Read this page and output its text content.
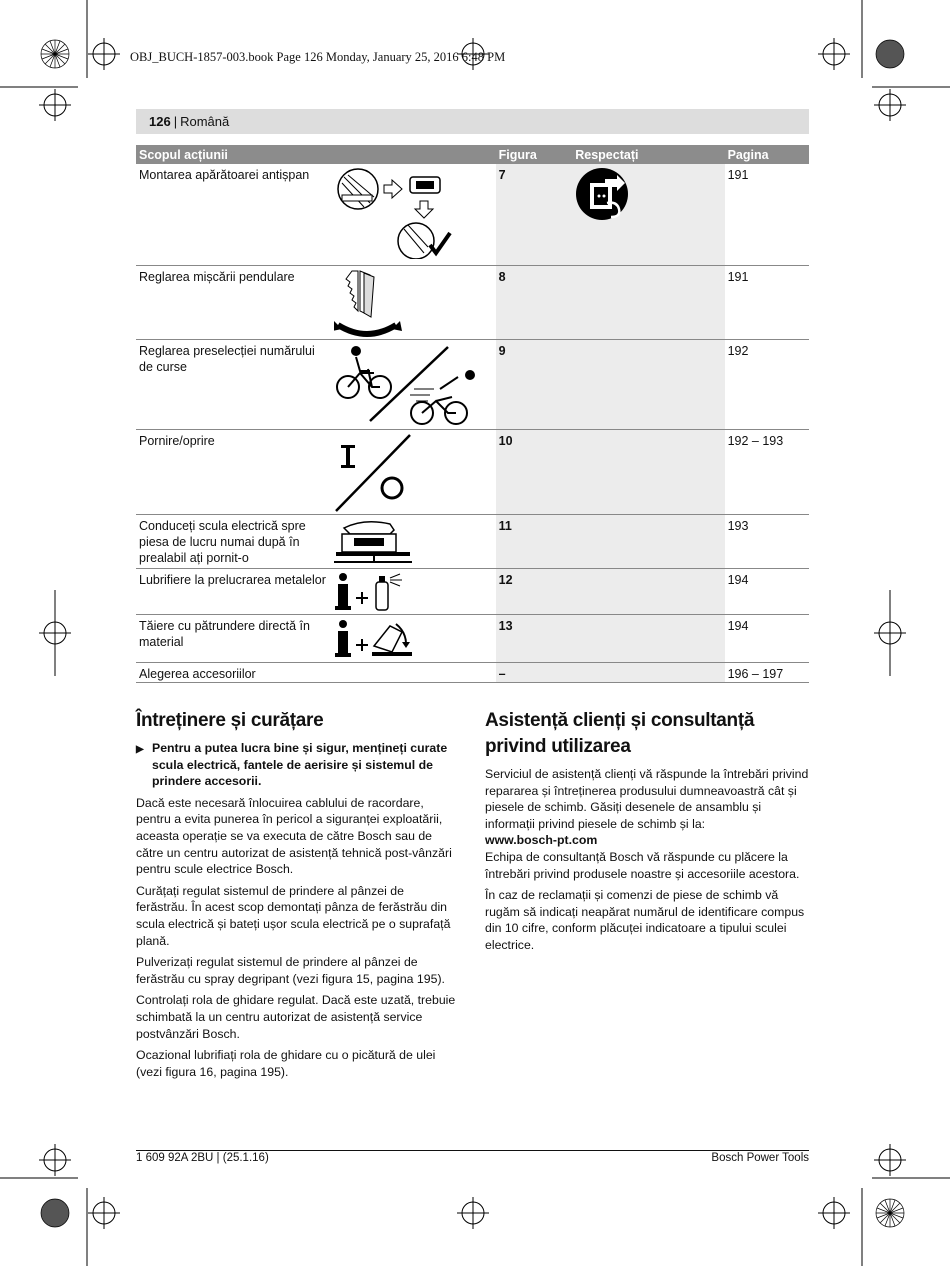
OBJ_BUCH-1857-003.book Page 126 Monday, January 25, 2016 6:48 PM
126 | Română
Scopul acțiunii		Figura	Respectați	Pagina
Montarea apărătoarei antișpan		7		191
Reglarea mișcării pendulare		8		191
Reglarea preselecției numărului de curse		9		192
Pornire/oprire		10		192 – 193
Conduceți scula electrică spre piesa de lucru numai după în prealabil ați pornit-o		11		193
Lubrifiere la prelucrarea metalelor		12		194
Tăiere cu pătrundere directă în material		13		194
Alegerea accesoriilor		–		196 – 197
Întreținere și curățare
▶ Pentru a putea lucra bine și sigur, mențineți curate scula electrică, fantele de aerisire și sistemul de prindere accesorii.

Dacă este necesară înlocuirea cablului de racordare, pentru a evita punerea în pericol a siguranței exploatării, aceasta operație se va executa de către Bosch sau de către un centru autorizat de asistență tehnică post-vânzări pentru scule electrice Bosch.

Curățați regulat sistemul de prindere al pânzei de ferăstrău. În acest scop demontați pânza de ferăstrău din scula electrică și bateți ușor scula electrică pe o suprafață plană.

Pulverizați regulat sistemul de prindere al pânzei de ferăstrău cu spray degripant (vezi figura 15, pagina 195).

Controlați rola de ghidare regulat. Dacă este uzată, trebuie schimbată la un centru autorizat de asistență service postvânzări Bosch.

Ocazional lubrifiați rola de ghidare cu o picătură de ulei (vezi figura 16, pagina 195).

Asistență clienți și consultanță privind utilizarea

Serviciul de asistență clienți vă răspunde la întrebări privind repararea și întreținerea produsului dumneavoastră cât și piesele de schimb. Găsiți desenele de ansamblu și informații privind piesele de schimb și la:
www.bosch-pt.com
Echipa de consultanță Bosch vă răspunde cu plăcere la întrebări privind produsele noastre și accesoriile acestora.

În caz de reclamații și comenzi de piese de schimb vă rugăm să indicați neapărat numărul de identificare compus din 10 cifre, conform plăcuței indicatoare a tipului sculei electrice.

1 609 92A 2BU | (25.1.16)	Bosch Power Tools
